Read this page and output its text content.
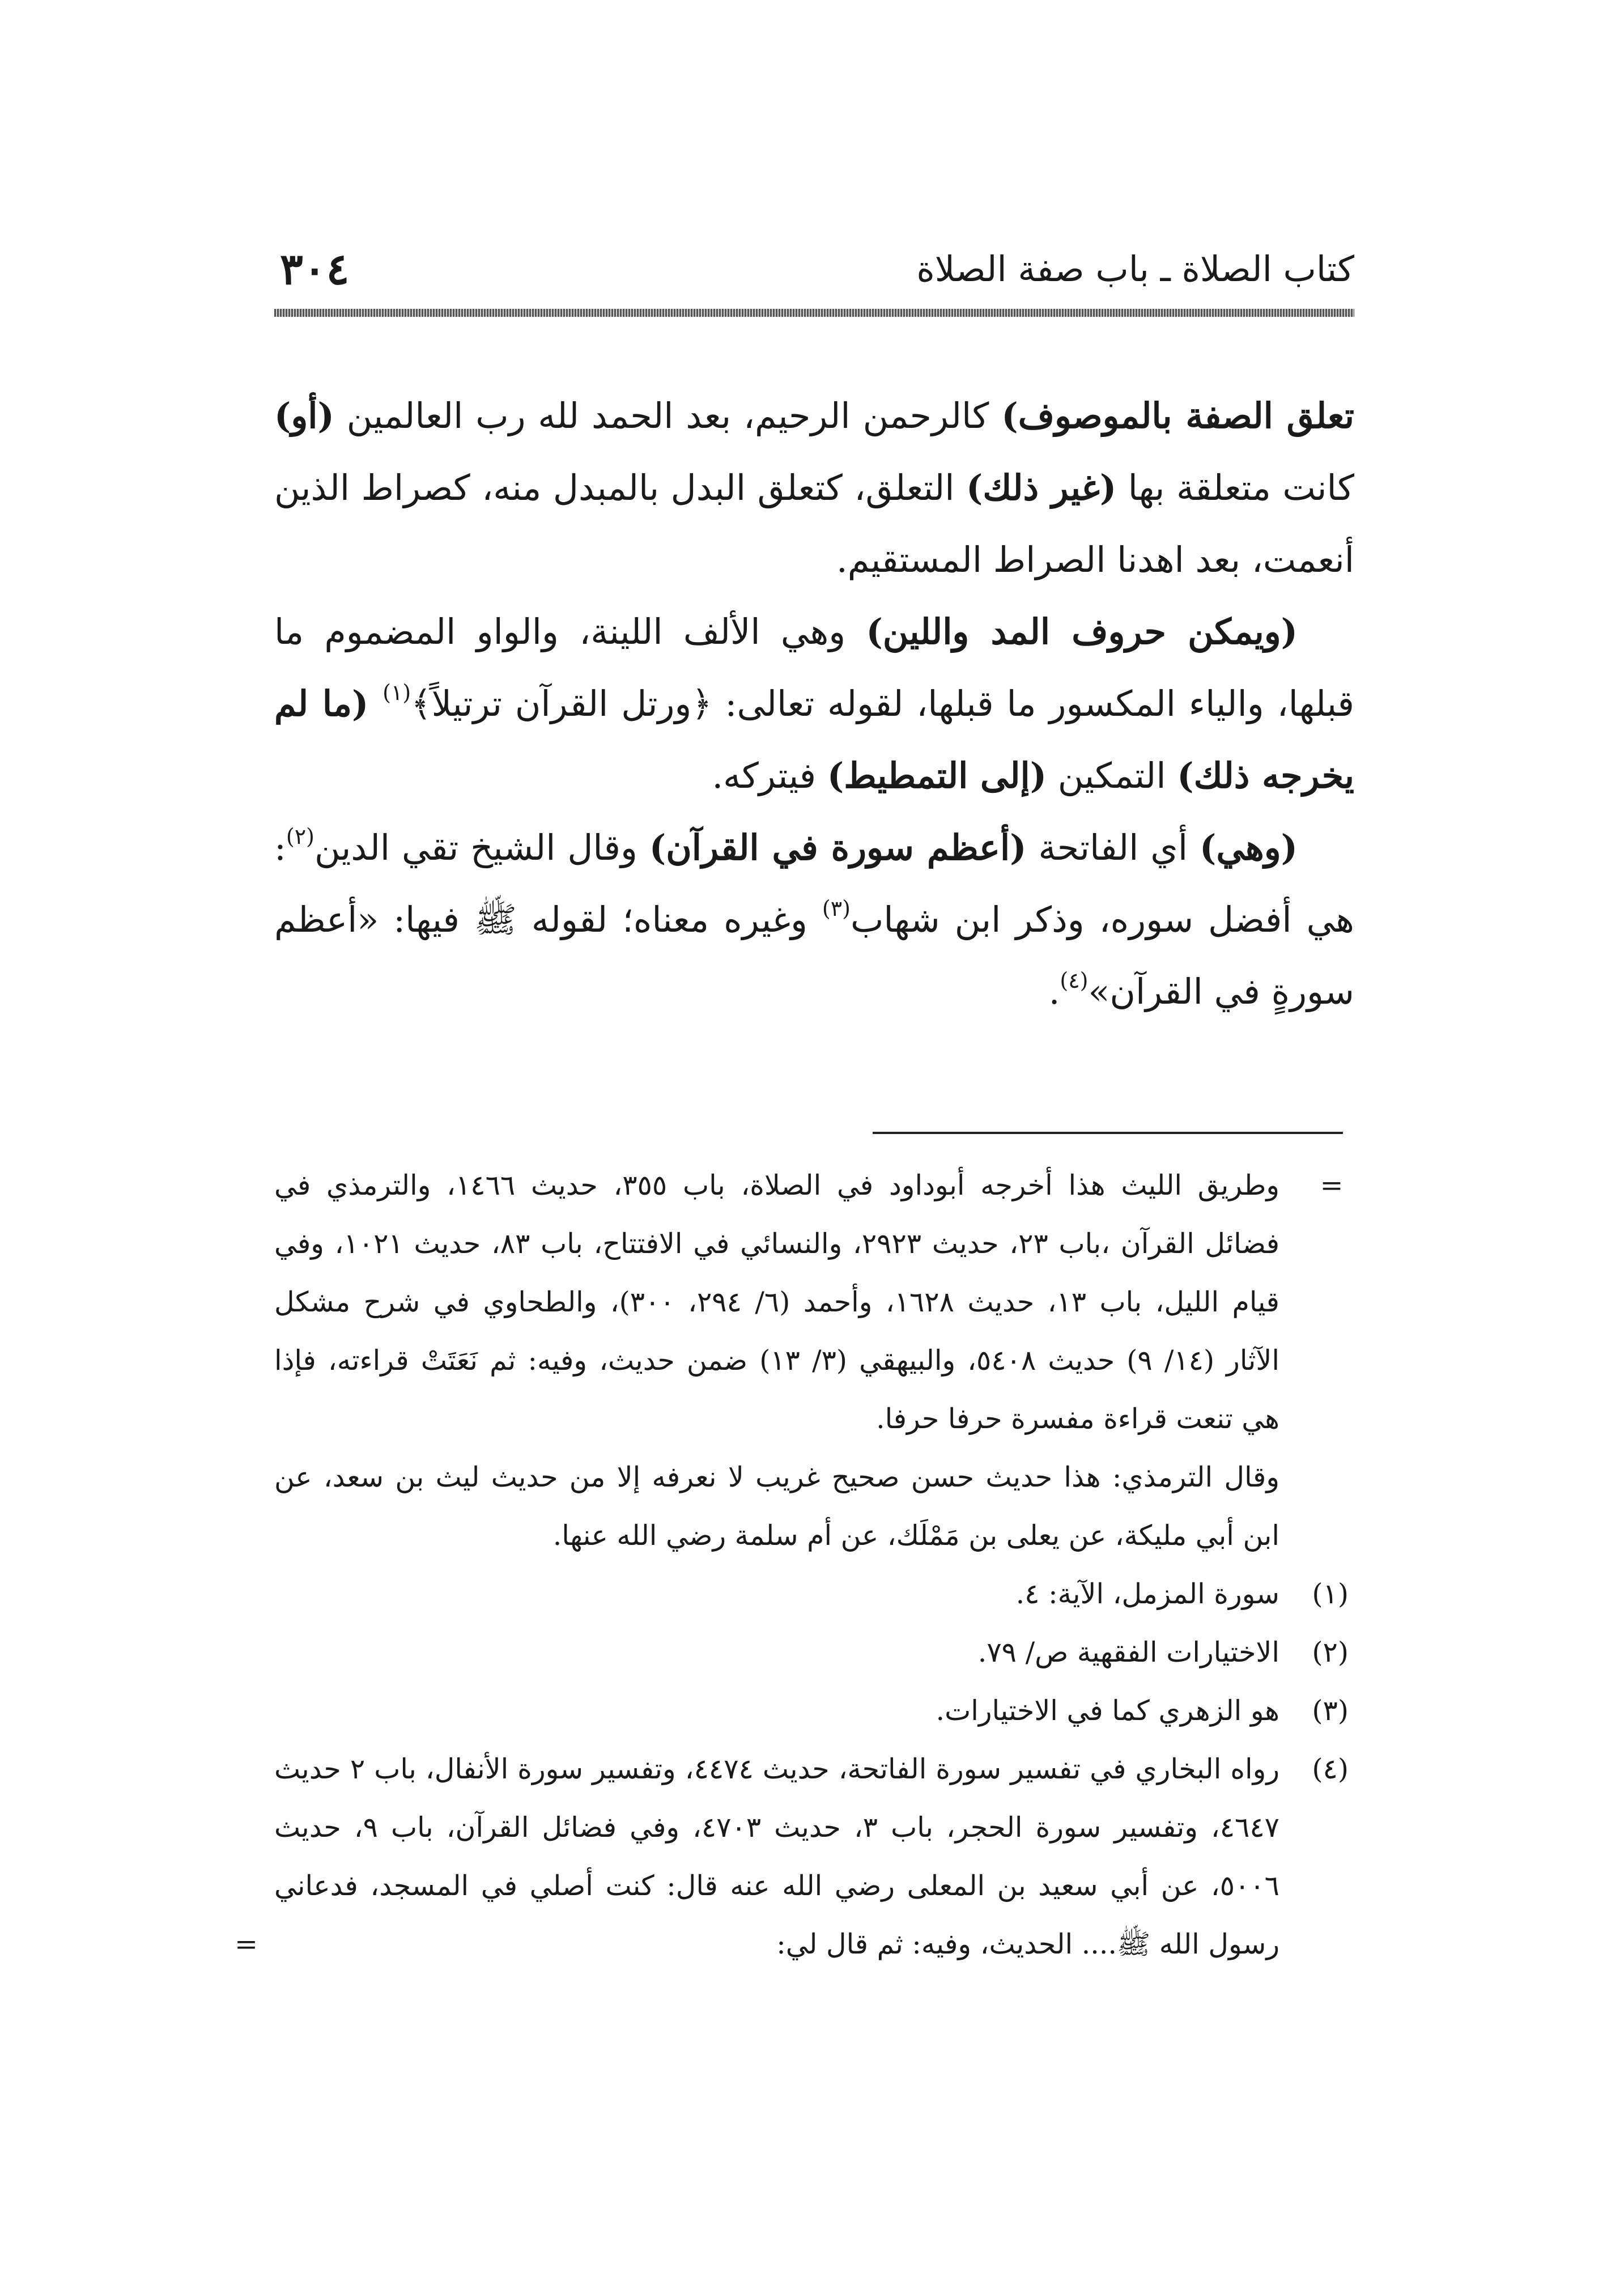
كتاب الصلاة ـ باب صفة الصلاة
٣٠٤

تعلق الصفة بالموصوف) كالرحمن الرحيم، بعد الحمد لله رب العالمين (أو) كانت متعلقة بها (غير ذلك) التعلق، كتعلق البدل بالمبدل منه، كصراط الذين أنعمت، بعد اهدنا الصراط المستقيم.

(ويمكن حروف المد واللين) وهي الألف اللينة، والواو المضموم ما قبلها، والياء المكسور ما قبلها، لقوله تعالى: ﴿ورتل القرآن ترتيلاً﴾$^{(١)}$ (ما لم يخرجه ذلك) التمكين (إلى التمطيط) فيتركه.

(وهي) أي الفاتحة (أعظم سورة في القرآن) وقال الشيخ تقي الدين$^{(٢)}$: هي أفضل سوره، وذكر ابن شهاب$^{(٣)}$ وغيره معناه؛ لقوله ﷺ فيها: «أعظم سورةٍ في القرآن»$^{(٤)}$.

=
وطريق الليث هذا أخرجه أبوداود في الصلاة، باب ٣٥٥، حديث ١٤٦٦، والترمذي في فضائل القرآن ،باب ٢٣، حديث ٢٩٢٣، والنسائي في الافتتاح، باب ٨٣، حديث ١٠٢١، وفي قيام الليل، باب ١٣، حديث ١٦٢٨، وأحمد (٦/ ٢٩٤، ٣٠٠)، والطحاوي في شرح مشكل الآثار (١٤/ ٩) حديث ٥٤٠٨، والبيهقي (٣/ ١٣) ضمن حديث، وفيه: ثم نَعَتَتْ قراءته، فإذا هي تنعت قراءة مفسرة حرفا حرفا.

وقال الترمذي: هذا حديث حسن صحيح غريب لا نعرفه إلا من حديث ليث بن سعد، عن ابن أبي مليكة، عن يعلى بن مَمْلَك، عن أم سلمة رضي الله عنها.

(١)
سورة المزمل، الآية: ٤.

(٢)
الاختيارات الفقهية ص/ ٧٩.

(٣)
هو الزهري كما في الاختيارات.

(٤)
رواه البخاري في تفسير سورة الفاتحة، حديث ٤٤٧٤، وتفسير سورة الأنفال، باب ٢ حديث ٤٦٤٧، وتفسير سورة الحجر، باب ٣، حديث ٤٧٠٣، وفي فضائل القرآن، باب ٩، حديث ٥٠٠٦، عن أبي سعيد بن المعلى رضي الله عنه قال: كنت أصلي في المسجد، فدعاني رسول الله ﷺ.... الحديث، وفيه: ثم قال لي:
=
